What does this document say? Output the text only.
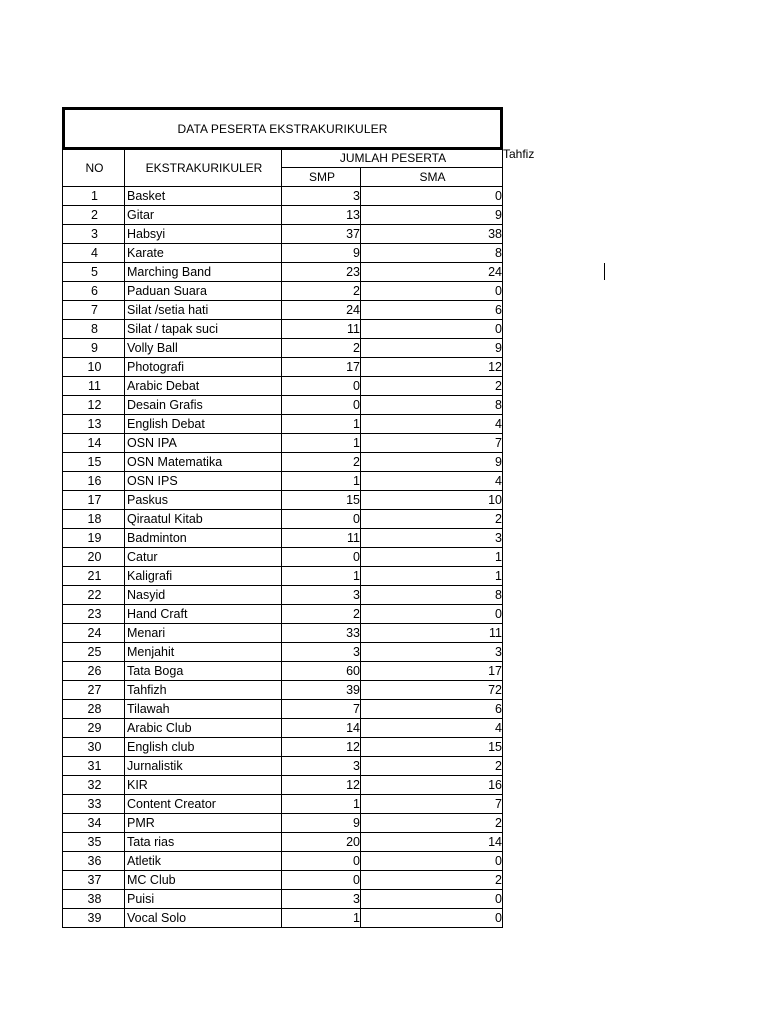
DATA PESERTA EKSTRAKURIKULER
NO	EKSTRAKURIKULER	JUMLAH PESERTA	
		SMP	SMA
1	Basket	3	0
2	Gitar	13	9
3	Habsyi	37	38
4	Karate	9	8
5	Marching Band	23	24
6	Paduan Suara	2	0
7	Silat /setia hati	24	6
8	Silat / tapak suci	11	0
9	Volly Ball	2	9
10	Photografi	17	12
11	Arabic Debat	0	2
12	Desain Grafis	0	8
13	English Debat	1	4
14	OSN IPA	1	7
15	OSN Matematika	2	9
16	OSN IPS	1	4
17	Paskus	15	10
18	Qiraatul Kitab	0	2
19	Badminton	11	3
20	Catur	0	1
21	Kaligrafi	1	1
22	Nasyid	3	8
23	Hand Craft	2	0
24	Menari	33	11
25	Menjahit	3	3
26	Tata Boga	60	17
27	Tahfizh	39	72
28	Tilawah	7	6
29	Arabic Club	14	4
30	English club	12	15
31	Jurnalistik	3	2
32	KIR	12	16
33	Content Creator	1	7
34	PMR	9	2
35	Tata rias	20	14
36	Atletik	0	0
37	MC Club	0	2
38	Puisi	3	0
39	Vocal Solo	1	0
Tahfiz
